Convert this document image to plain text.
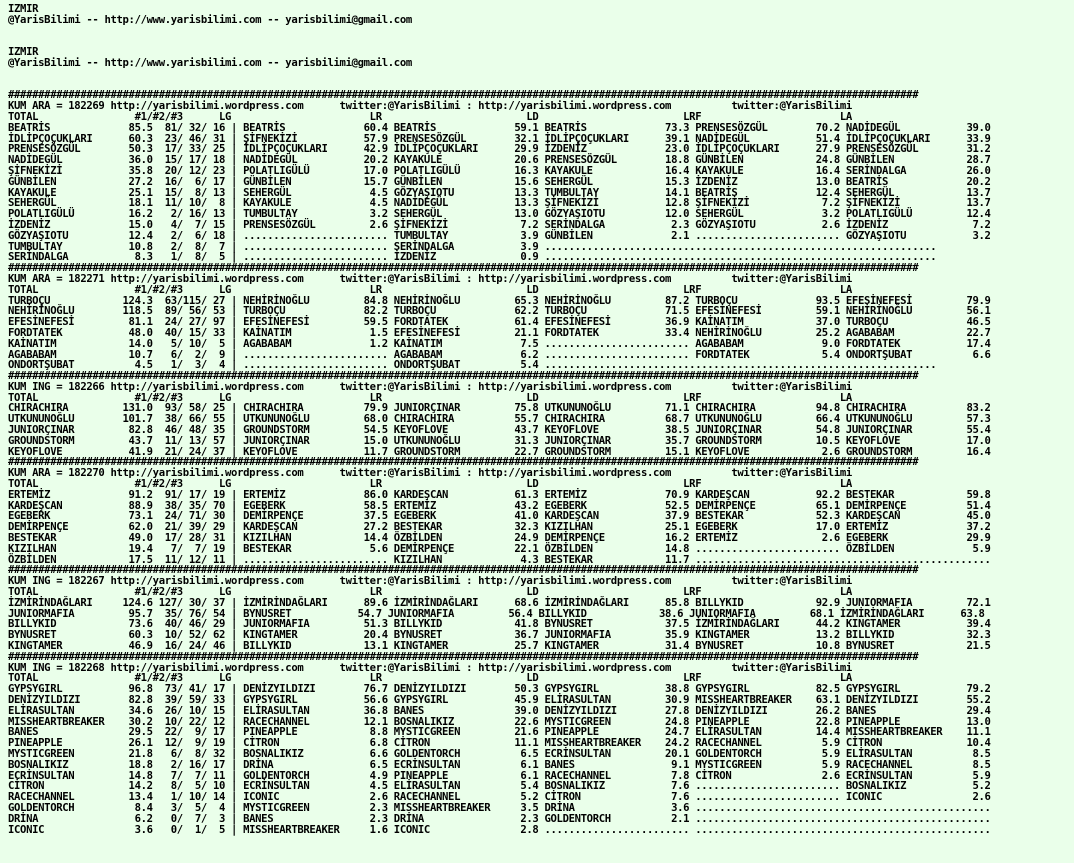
IZMIR
@YarisBilimi -- http://www.yarisbilimi.com -- yarisbilimi@gmail.com

IZMIR
@YarisBilimi -- http://www.yarisbilimi.com -- yarisbilimi@gmail.com

#######################################################################################################################################################
KUM ARA = 182269 http://yarisbilimi.wordpress.com      twitter:@YarisBilimi : http://yarisbilimi.wordpress.com          twitter:@YarisBilimi
TOTAL                #1/#2/#3      LG                       LR                        LD                        LRF                       LA
BEATRİS             85.5  81/ 32/ 16 | BEATRİS             60.4 BEATRİS             59.1 BEATRİS             73.3 PRENSESÖZGÜL        70.2 NADİDEGÜL           39.0
İDLİPÇOÇUKLARI      60.3  23/ 46/ 31 | ŞİFNEKİZİ           57.9 PRENSESÖZGÜL        32.1 İDLİPÇOÇUKLARI      39.1 NADİDEGÜL           51.4 İDLİPÇOÇUKLARI      33.9
PRENSESÖZGÜL        50.3  17/ 33/ 25 | İDLİPÇOÇUKLARI      42.9 İDLİPÇOÇUKLARI      29.9 İZDENİZ             23.0 İDLİPÇOÇUKLARI      27.9 PRENSESÖZGÜL        31.2
NADİDEGÜL           36.0  15/ 17/ 18 | NADİDEGÜL           20.2 KAYAKULE            20.6 PRENSESÖZGÜL        18.8 GÜNBİLEN            24.8 GÜNBİLEN            28.7
ŞİFNEKİZİ           35.8  20/ 12/ 23 | POLATLIGÜLÜ         17.0 POLATLIGÜLÜ         16.3 KAYAKULE            16.4 KAYAKULE            16.4 SERİNDALGA          26.0
GÜNBİLEN            27.2  16/  6/ 17 | GÜNBİLEN            15.7 GÜNBİLEN            15.6 SEHERGÜL            15.3 İZDENİZ             13.0 BEATRİS             20.2
KAYAKULE            25.1  15/  8/ 13 | SEHERGÜL             4.5 GÖZYAŞIOTU          13.3 TUMBULTAY           14.1 BEATRİS             12.4 SEHERGÜL            13.7
SEHERGÜL            18.1  11/ 10/  8 | KAYAKULE             4.5 NADİDEGÜL           13.3 ŞİFNEKİZİ           12.8 ŞİFNEKİZİ            7.2 ŞİFNEKİZİ           13.7
POLATLIGÜLÜ         16.2   2/ 16/ 13 | TUMBULTAY            3.2 SEHERGÜL            13.0 GÖZYAŞIOTU          12.0 SEHERGÜL             3.2 POLATLIGÜLÜ         12.4
İZDENİZ             15.0   4/  7/ 15 | PRENSESÖZGÜL         2.6 ŞİFNEKİZİ            7.2 SERİNDALGA           2.3 GÖZYAŞIOTU           2.6 İZDENİZ              7.2
GÖZYAŞIOTU          12.4   2/  6/ 18 | ........................ TUMBULTAY            3.9 GÜNBİLEN             2.1 ........................ GÖZYAŞIOTU           3.2
TUMBULTAY           10.8   2/  8/  7 | ........................ SERİNDALGA           3.9 .................................................................
SERİNDALGA           8.3   1/  8/  5 | ........................ İZDENİZ              0.9 .................................................................
#######################################################################################################################################################
KUM ARA = 182271 http://yarisbilimi.wordpress.com      twitter:@YarisBilimi : http://yarisbilimi.wordpress.com          twitter:@YarisBilimi
TOTAL                #1/#2/#3      LG                       LR                        LD                        LRF                       LA
TURBOÇU            124.3  63/115/ 27 | NEHİRİNOĞLU         84.8 NEHİRİNOĞLU         65.3 NEHİRİNOĞLU         87.2 TURBOÇU             93.5 EFESİNEFESİ         79.9
NEHİRİNOĞLU        118.5  89/ 56/ 53 | TURBOÇU             82.2 TURBOÇU             62.2 TURBOÇU             71.5 EFESİNEFESİ         59.1 NEHİRİNOĞLU         56.1
EFESİNEFESİ         81.1  24/ 27/ 97 | EFESİNEFESİ         59.5 FORDTATEK           61.4 EFESİNEFESİ         36.9 KAİNATIM            37.0 TURBOÇU             46.5
FORDTATEK           48.0  40/ 15/ 33 | KAİNATIM             1.5 EFESİNEFESİ         21.1 FORDTATEK           33.4 NEHİRİNOĞLU         25.2 AGABABAM            22.7
KAİNATIM            14.0   5/ 10/  5 | AGABABAM             1.2 KAİNATIM             7.5 ........................ AGABABAM             9.0 FORDTATEK           17.4
AGABABAM            10.7   6/  2/  9 | ........................ AGABABAM             6.2 ........................ FORDTATEK            5.4 ONDORTŞUBAT          6.6
ONDORTŞUBAT          4.5   1/  3/  4 | ........................ ONDORTŞUBAT          5.4 .................................................................
#######################################################################################################################################################
KUM ING = 182266 http://yarisbilimi.wordpress.com      twitter:@YarisBilimi : http://yarisbilimi.wordpress.com          twitter:@YarisBilimi
TOTAL                #1/#2/#3      LG                       LR                        LD                        LRF                       LA
CHIRACHIRA         131.0  93/ 58/ 25 | CHIRACHIRA          79.9 JUNIORÇINAR         75.8 UTKUNUNOĞLU         71.1 CHIRACHIRA          94.8 CHIRACHIRA          83.2
UTKUNUNOĞLU        101.7  38/ 66/ 55 | UTKUNUNOĞLU         68.0 CHIRACHIRA          55.7 CHIRACHIRA          68.7 UTKUNUNOĞLU         66.4 UTKUNUNOĞLU         57.3
JUNIORÇINAR         82.8  46/ 48/ 35 | GROUNDSTORM         54.5 KEYOFLOVE           43.7 KEYOFLOVE           38.5 JUNIORÇINAR         54.8 JUNIORÇINAR         55.4
GROUNDSTORM         43.7  11/ 13/ 57 | JUNIORÇINAR         15.0 UTKUNUNOĞLU         31.3 JUNIORÇINAR         35.7 GROUNDSTORM         10.5 KEYOFLOVE           17.0
KEYOFLOVE           41.9  21/ 24/ 37 | KEYOFLOVE           11.7 GROUNDSTORM         22.7 GROUNDSTORM         15.1 KEYOFLOVE            2.6 GROUNDSTORM         16.4
#######################################################################################################################################################
KUM ARA = 182270 http://yarisbilimi.wordpress.com      twitter:@YarisBilimi : http://yarisbilimi.wordpress.com          twitter:@YarisBilimi
TOTAL                #1/#2/#3      LG                       LR                        LD                        LRF                       LA
ERTEMİZ             91.2  91/ 17/ 19 | ERTEMİZ             86.0 KARDEŞCAN           61.3 ERTEMİZ             70.9 KARDEŞCAN           92.2 BESTEKAR            59.8
KARDEŞCAN           88.9  38/ 35/ 70 | EGEBERK             58.5 ERTEMİZ             43.2 EGEBERK             52.5 DEMİRPENÇE          65.1 DEMİRPENÇE          51.4
EGEBERK             73.1  24/ 71/ 30 | DEMİRPENÇE          37.5 EGEBERK             41.0 KARDEŞCAN           37.9 BESTEKAR            52.3 KARDEŞCAN           45.0
DEMİRPENÇE          62.0  21/ 39/ 29 | KARDEŞCAN           27.2 BESTEKAR            32.3 KIZILHAN            25.1 EGEBERK             17.0 ERTEMİZ             37.2
BESTEKAR            49.0  17/ 28/ 31 | KIZILHAN            14.4 ÖZBİLDEN            24.9 DEMİRPENÇE          16.2 ERTEMİZ              2.6 EGEBERK             29.9
KIZILHAN            19.4   7/  7/ 19 | BESTEKAR             5.6 DEMİRPENÇE          22.1 ÖZBİLDEN            14.8 ........................ ÖZBİLDEN             5.9
ÖZBİLDEN            17.5  11/ 12/ 11 | ........................ KIZILHAN             4.3 BESTEKAR            11.7 .................................................
#######################################################################################################################################################
KUM ING = 182267 http://yarisbilimi.wordpress.com      twitter:@YarisBilimi : http://yarisbilimi.wordpress.com          twitter:@YarisBilimi
TOTAL                #1/#2/#3      LG                       LR                        LD                        LRF                       LA
İZMİRİNDAĞLARI     124.6 127/ 30/ 37 | İZMİRİNDAĞLARI      89.6 İZMİRİNDAĞLARI      68.6 İZMİRİNDAĞLARI      85.8 BILLYKID            92.9 JUNIORMAFIA         72.1
JUNIORMAFIA         95.7  35/ 76/ 54 | BYNUSRET           54.7 JUNIORMAFIA         56.4 BILLYKID            38.6 JUNIORMAFIA         68.1 İZMİRİNDAĞLARI      63.8
BILLYKID            73.6  40/ 46/ 29 | JUNIORMAFIA         51.3 BILLYKID            41.8 BYNUSRET            37.5 İZMİRİNDAĞLARI      44.2 KINGTAMER           39.4
BYNUSRET            60.3  10/ 52/ 62 | KINGTAMER           20.4 BYNUSRET            36.7 JUNIORMAFIA         35.9 KINGTAMER           13.2 BILLYKID            32.3
KINGTAMER           46.9  16/ 24/ 46 | BILLYKID            13.1 KINGTAMER           25.7 KINGTAMER           31.4 BYNUSRET            10.8 BYNUSRET            21.5
#######################################################################################################################################################
KUM ING = 182268 http://yarisbilimi.wordpress.com      twitter:@YarisBilimi : http://yarisbilimi.wordpress.com          twitter:@YarisBilimi
TOTAL                #1/#2/#3      LG                       LR                        LD                        LRF                       LA
GYPSYGIRL           96.8  73/ 41/ 17 | DENİZYILDIZI        76.7 DENİZYILDIZI        50.3 GYPSYGIRL           38.8 GYPSYGIRL           82.5 GYPSYGIRL           79.2
DENİZYILDIZI        82.8  39/ 59/ 33 | GYPSYGIRL           56.6 GYPSYGIRL           45.9 ELİRASULTAN         30.9 MISSHEARTBREAKER    63.1 DENİZYILDIZI        55.2
ELİRASULTAN         34.6  26/ 10/ 15 | ELİRASULTAN         36.8 BANES               39.0 DENİZYILDIZI        27.8 DENİZYILDIZI        26.2 BANES               29.4
MISSHEARTBREAKER    30.2  10/ 22/ 12 | RACECHANNEL         12.1 BOSNALIKIZ          22.6 MYSTICGREEN         24.8 PINEAPPLE           22.8 PINEAPPLE           13.0
BANES               29.5  22/  9/ 17 | PINEAPPLE            8.8 MYSTICGREEN         21.6 PINEAPPLE           24.7 ELİRASULTAN         14.4 MISSHEARTBREAKER    11.1
PINEAPPLE           26.1  12/  9/ 19 | CİTRON               6.8 CİTRON              11.1 MISSHEARTBREAKER    24.2 RACECHANNEL          5.9 CİTRON              10.4
MYSTICGREEN         21.8   6/  8/ 32 | BOSNALIKIZ           6.6 GOLDENTORCH          6.5 ECRİNSULTAN         20.1 GOLDENTORCH          5.9 ELİRASULTAN          8.5
BOSNALIKIZ          18.8   2/ 16/ 17 | DRİNA                6.5 ECRİNSULTAN          6.1 BANES                9.1 MYSTICGREEN          5.9 RACECHANNEL          8.5
ECRİNSULTAN         14.8   7/  7/ 11 | GOLDENTORCH          4.9 PINEAPPLE            6.1 RACECHANNEL          7.8 CİTRON               2.6 ECRİNSULTAN          5.9
CİTRON              14.2   8/  5/ 10 | ECRİNSULTAN          4.5 ELİRASULTAN          5.4 BOSNALIKIZ           7.6 ........................ BOSNALIKIZ           5.2
RACECHANNEL         13.4   1/ 10/ 14 | ICONIC               2.6 RACECHANNEL          5.2 CİTRON               7.6 ........................ ICONIC               2.6
GOLDENTORCH          8.4   3/  5/  4 | MYSTICGREEN          2.3 MISSHEARTBREAKER     3.5 DRİNA                3.6 .................................................
DRİNA                6.2   0/  7/  3 | BANES                2.3 DRİNA                2.3 GOLDENTORCH          2.1 .................................................
ICONIC               3.6   0/  1/  5 | MISSHEARTBREAKER     1.6 ICONIC               2.8 ........................ .................................................
